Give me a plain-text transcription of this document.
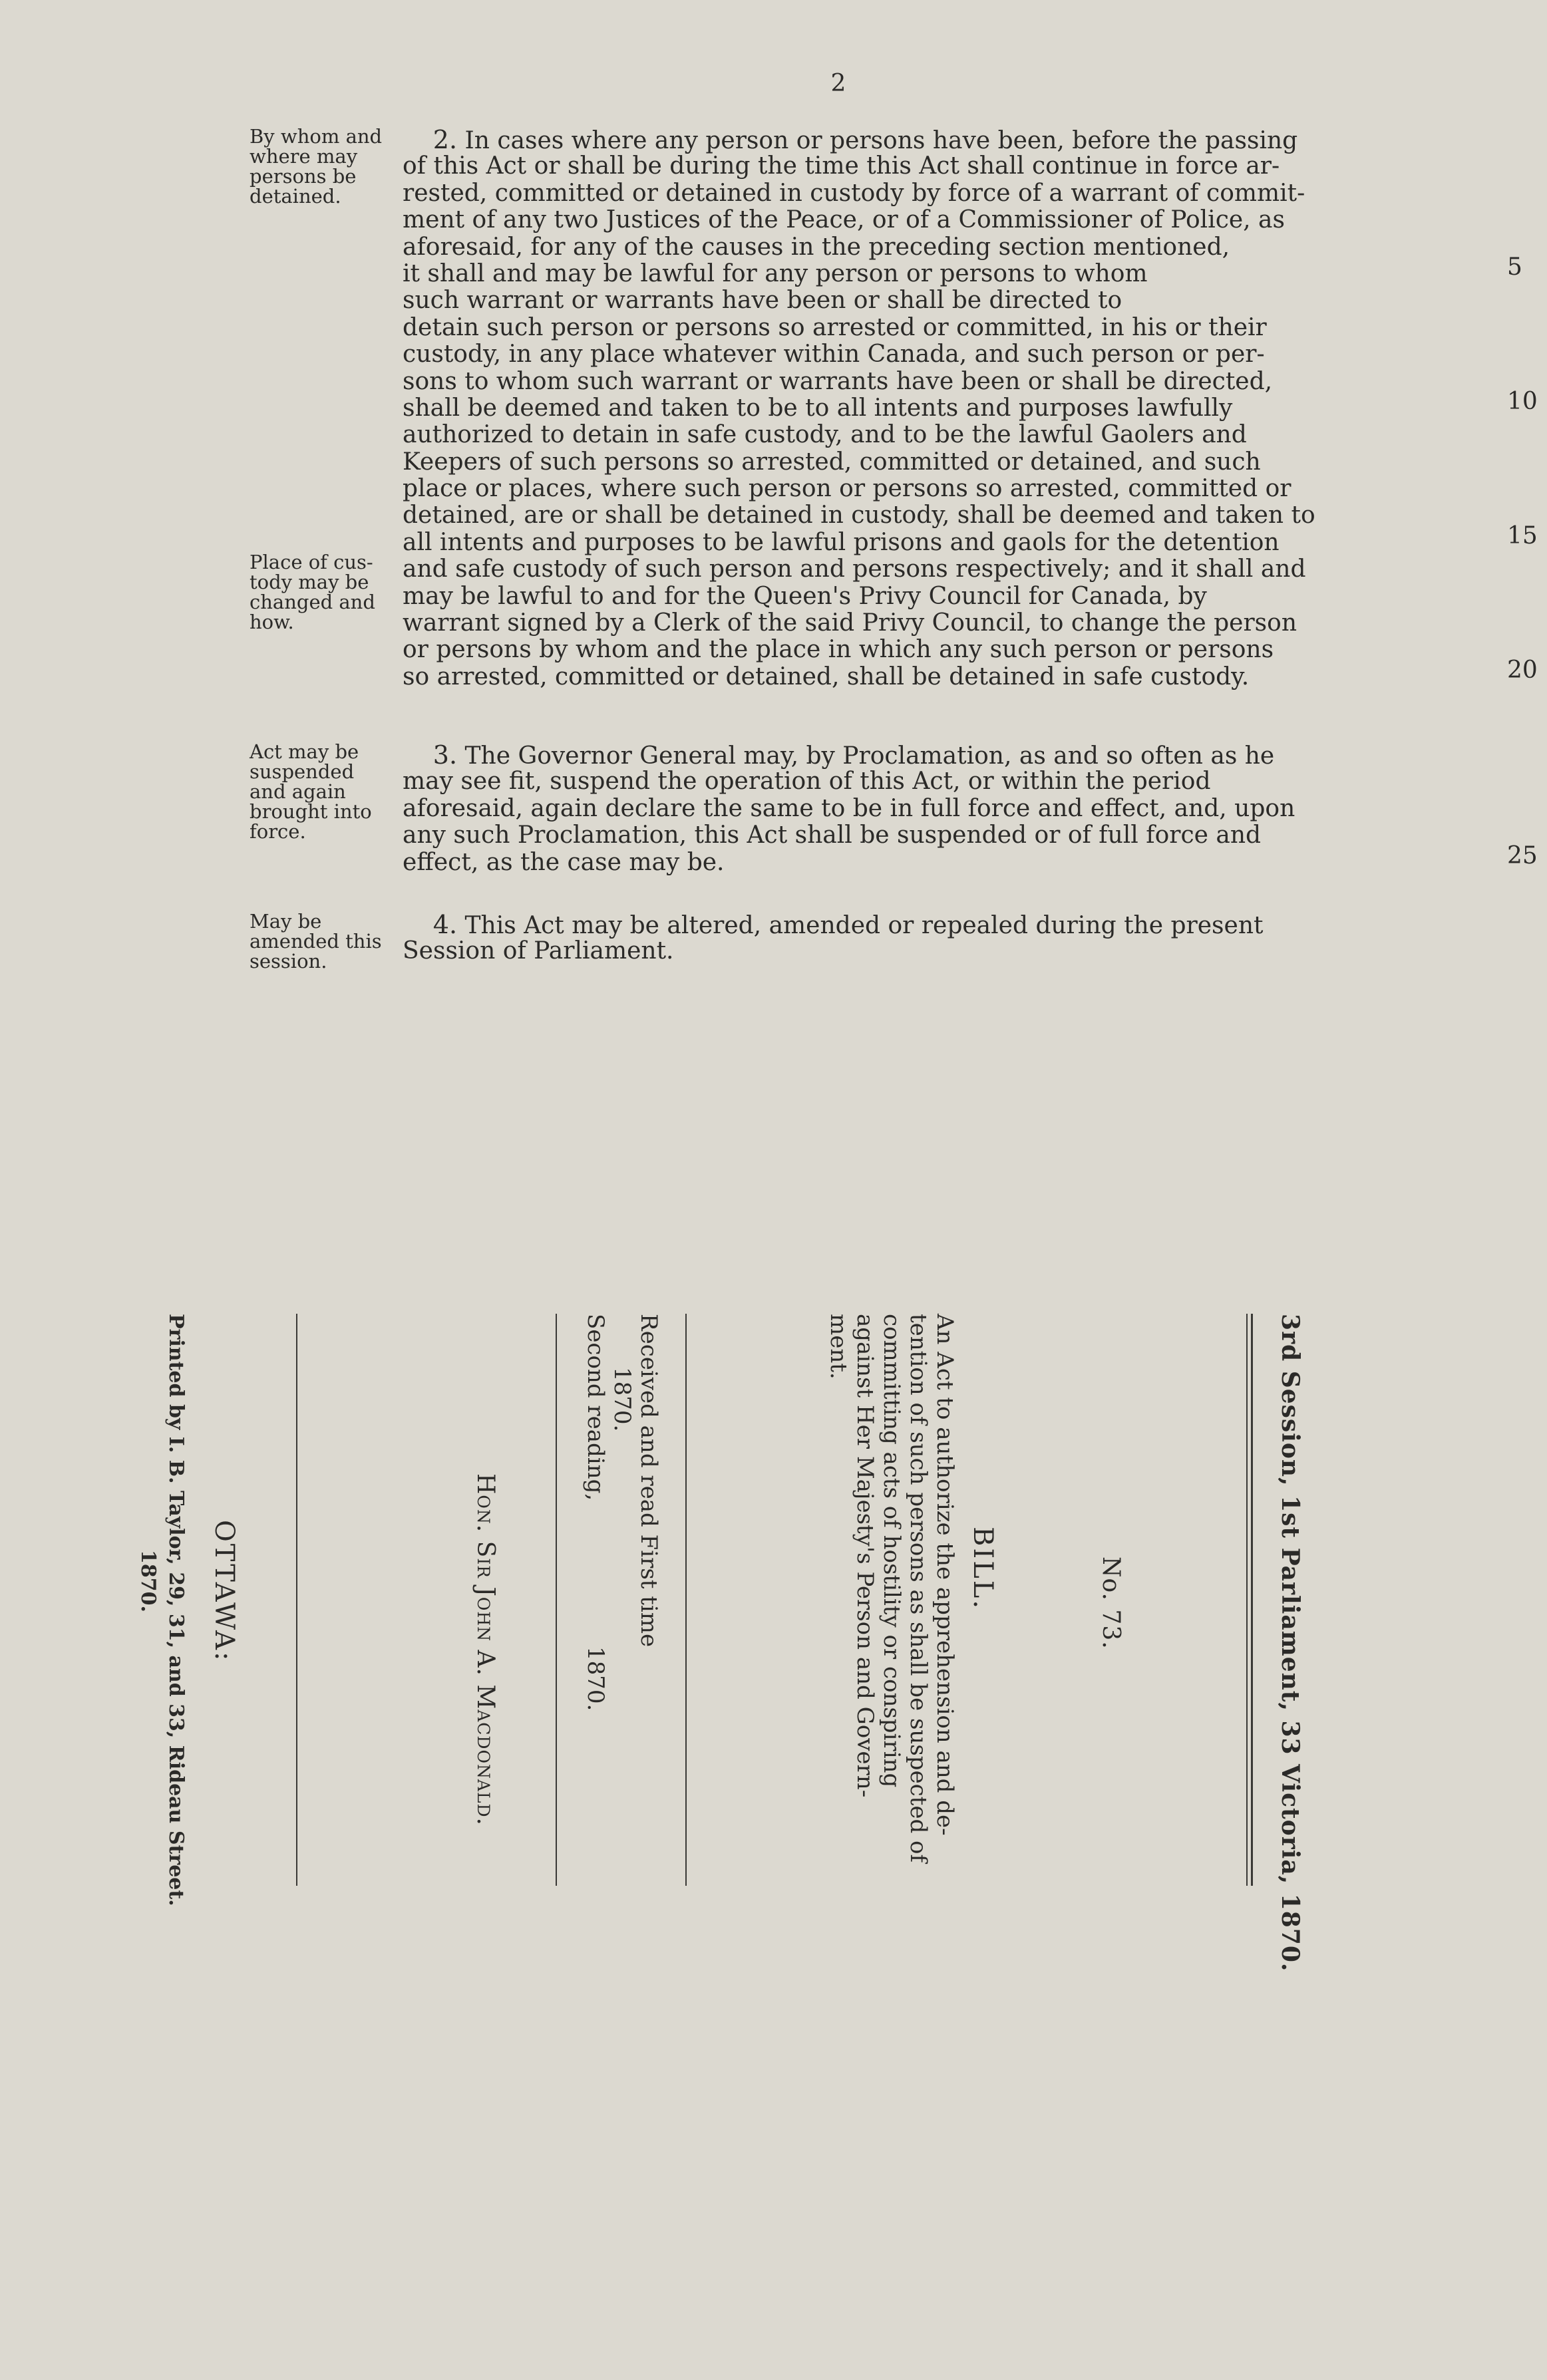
2
By whom and
where may
persons be
detained.
Place of cus-
tody may be
changed and
how.
2. In cases where any person or persons have been, before the passing
of this Act or shall be during the time this Act shall continue in force ar-
rested, committed or detained in custody by force of a warrant of commit-
ment of any two Justices of the Peace, or of a Commissioner of Police, as
aforesaid, for any of the causes in the preceding section mentioned,
it shall and may be lawful for any person or persons to whom
such warrant or warrants have been or shall be directed to
detain such person or persons so arrested or committed, in his or their
custody, in any place whatever within Canada, and such person or per-
sons to whom such warrant or warrants have been or shall be directed,
shall be deemed and taken to be to all intents and purposes lawfully
authorized to detain in safe custody, and to be the lawful Gaolers and
Keepers of such persons so arrested, committed or detained, and such
place or places, where such person or persons so arrested, committed or
detained, are or shall be detained in custody, shall be deemed and taken to
all intents and purposes to be lawful prisons and gaols for the detention
and safe custody of such person and persons respectively; and it shall and
may be lawful to and for the Queen's Privy Council for Canada, by
warrant signed by a Clerk of the said Privy Council, to change the person
or persons by whom and the place in which any such person or persons
so arrested, committed or detained, shall be detained in safe custody.
5
10
15
20
Act may be
suspended
and again
brought into
force.
3. The Governor General may, by Proclamation, as and so often as he
may see fit, suspend the operation of this Act, or within the period
aforesaid, again declare the same to be in full force and effect, and, upon
any such Proclamation, this Act shall be suspended or of full force and
effect, as the case may be.	25
May be
amended this
session.
4. This Act may be altered, amended or repealed during the present
Session of Parliament.
No. 73.	3rd Session, 1st Parliament, 33 Victoria, 1870.
BILL.
An Act to authorize the apprehension and de-
tention of such persons as shall be suspected of
committing acts of hostility or conspiring
against Her Majesty's Person and Govern-
ment.
Received and read First time
1870.
Second reading,
1870.
Hon. Sir John A. Macdonald.
OTTAWA:
Printed by I. B. Taylor, 29, 31, and 33, Rideau Street.
1870.
